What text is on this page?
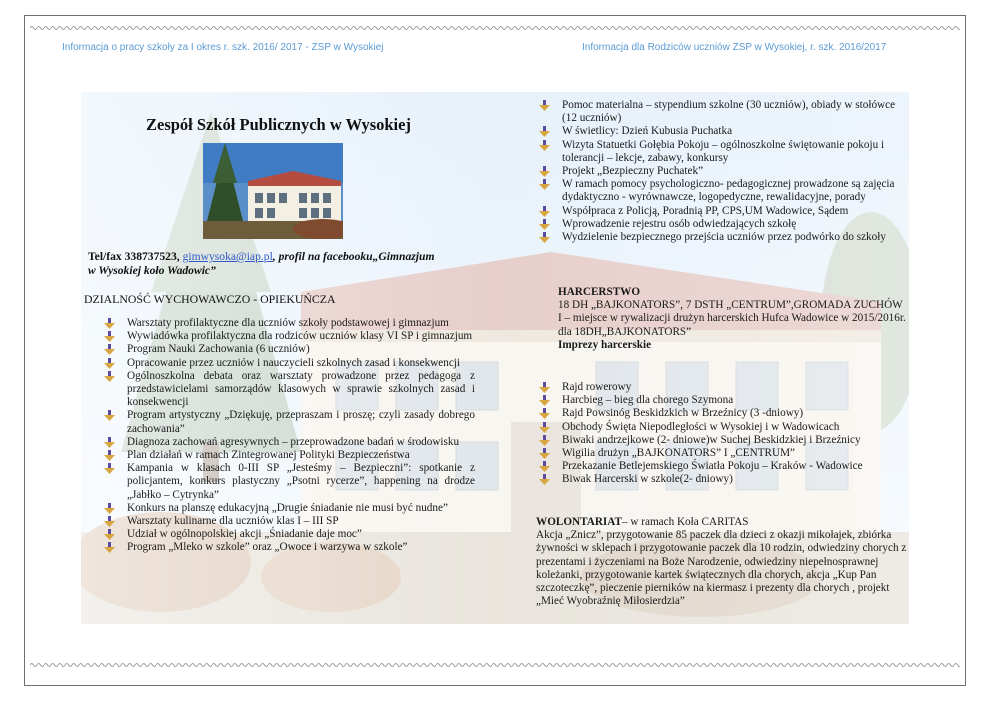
Informacja o pracy szkoły za I okres r. szk. 2016/ 2017 - ZSP w Wysokiej	Informacja dla Rodziców uczniów ZSP w Wysokiej, r. szk. 2016/2017
Zespół Szkół Publicznych w Wysokiej
Tel/fax 338737523, gimwysoka@iap.pl, profil na facebooku„Gimnazjum
w Wysokiej koło Wadowic”
DZIALNOŚĆ WYCHOWAWCZO - OPIEKUŃCZA
Warsztaty profilaktyczne dla uczniów szkoły podstawowej i gimnazjum
Wywiadówka profilaktyczna dla rodziców uczniów klasy VI SP i gimnazjum
Program Nauki Zachowania (6 uczniów)
Opracowanie przez uczniów i nauczycieli szkolnych zasad i konsekwencji
Ogólnoszkolna debata oraz warsztaty prowadzone przez pedagoga z przedstawicielami samorządów klasowych w sprawie szkolnych zasad i konsekwencji
Program artystyczny „Dziękuję, przepraszam i proszę; czyli zasady dobrego zachowania”
Diagnoza zachowań agresywnych – przeprowadzone badań w środowisku
Plan działań w ramach Zintegrowanej Polityki Bezpieczeństwa
Kampania w klasach 0-III SP „Jesteśmy – Bezpieczni”: spotkanie z policjantem, konkurs plastyczny „Psotni rycerze”, happening na drodze „Jabłko – Cytrynka”
Konkurs na planszę edukacyjną „Drugie śniadanie nie musi być nudne”
Warsztaty kulinarne dla uczniów klas I – III SP
Udział w ogólnopolskiej akcji „Śniadanie daje moc”
Program „Mleko w szkole” oraz „Owoce i warzywa w szkole”
Pomoc materialna – stypendium szkolne (30 uczniów), obiady w stołówce (12 uczniów)
W świetlicy: Dzień Kubusia Puchatka
Wizyta Statuetki Gołębia Pokoju – ogólnoszkolne świętowanie pokoju i tolerancji – lekcje, zabawy, konkursy
Projekt „Bezpieczny Puchatek”
W ramach pomocy psychologiczno- pedagogicznej prowadzone są zajęcia dydaktyczno - wyrównawcze, logopedyczne, rewalidacyjne, porady
Współpraca z Policją, Poradnią PP, CPS,UM Wadowice, Sądem
Wprowadzenie rejestru osób odwiedzających szkołę
Wydzielenie bezpiecznego przejścia uczniów przez podwórko do szkoły
HARCERSTWO
18 DH „BAJKONATORS”, 7 DSTH „CENTRUM”,GROMADA ZUCHÓW
I – miejsce w rywalizacji drużyn harcerskich Hufca Wadowice w 2015/2016r. dla 18DH„BAJKONATORS”
Imprezy harcerskie
Rajd rowerowy
Harcbieg – bieg dla chorego Szymona
Rajd Powsinóg Beskidzkich w Brzeźnicy (3 -dniowy)
Obchody Święta Niepodległości w Wysokiej i w Wadowicach
Biwaki andrzejkowe (2- dniowe)w Suchej Beskidzkiej i Brzeźnicy
Wigilia drużyn „BAJKONATORS” I „CENTRUM”
Przekazanie Betlejemskiego Światła Pokoju – Kraków - Wadowice
Biwak Harcerski w szkole(2- dniowy)
WOLONTARIAT– w ramach Koła CARITAS
Akcja „Znicz”, przygotowanie 85 paczek dla dzieci z okazji mikołajek, zbiórka żywności w sklepach i przygotowanie paczek dla 10 rodzin, odwiedziny chorych z prezentami i życzeniami na Boże Narodzenie, odwiedziny niepełnosprawnej koleżanki, przygotowanie kartek świątecznych dla chorych, akcja „Kup Pan szczoteczkę”, pieczenie pierników na kiermasz i prezenty dla chorych , projekt „Mieć Wyobraźnię Miłosierdzia”
